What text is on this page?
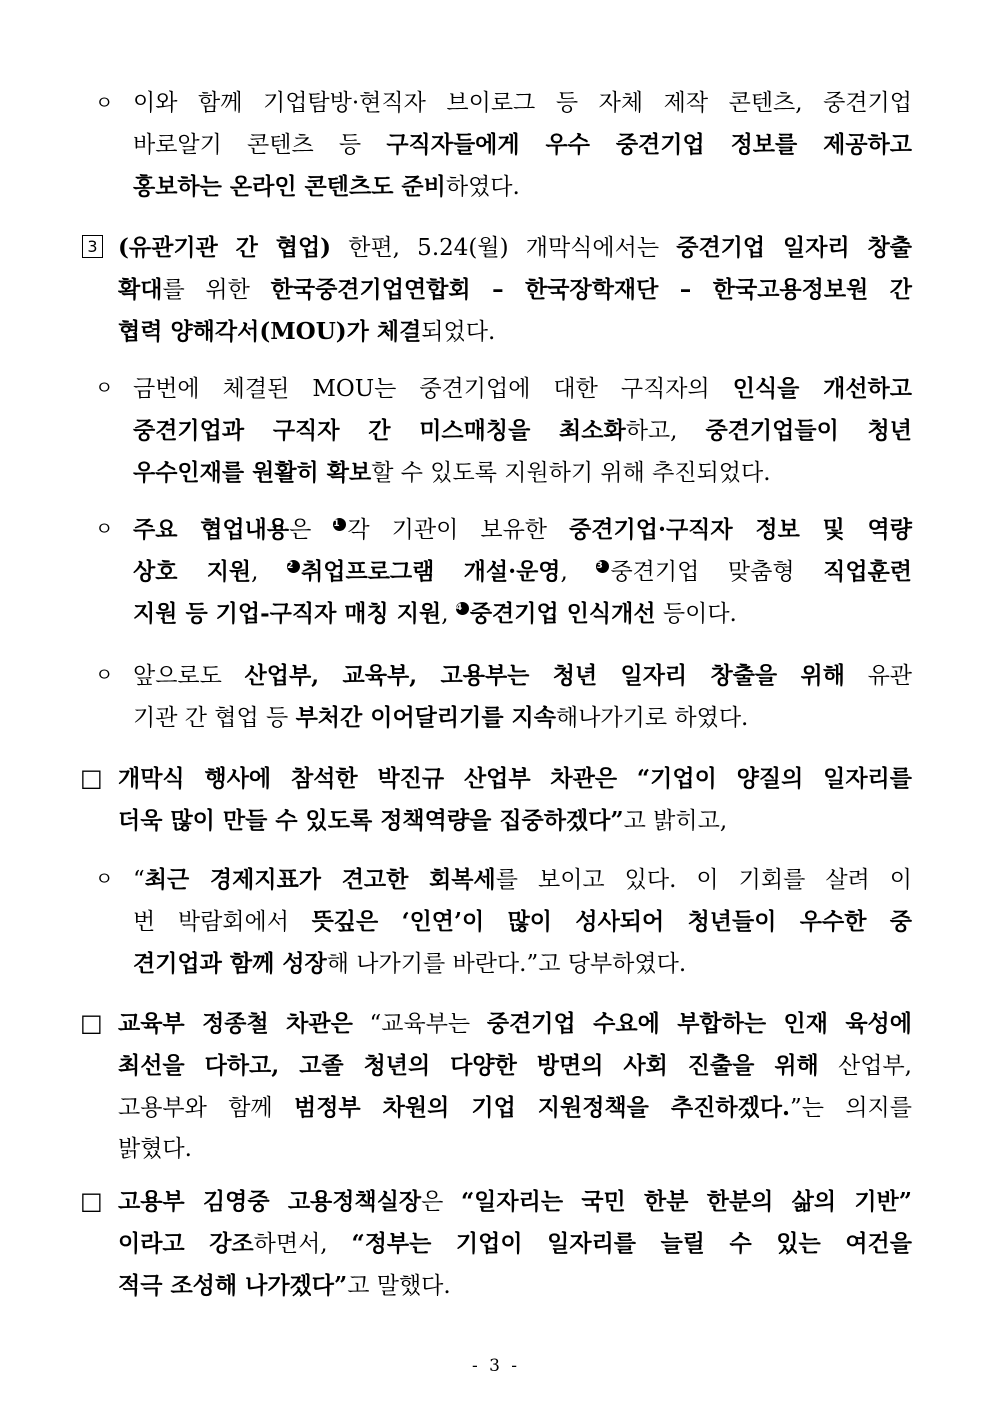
ㅇ 이와 함께 기업탐방·현직자 브이로그 등 자체 제작 콘텐츠, 중견기업
바로알기 콘텐츠 등 구직자들에게 우수 중견기업 정보를 제공하고
홍보하는 온라인 콘텐츠도 준비하였다.
3 (유관기관 간 협업) 한편, 5.24(월) 개막식에서는 중견기업 일자리 창출
확대를 위한 한국중견기업연합회 – 한국장학재단 – 한국고용정보원 간
협력 양해각서(MOU)가 체결되었다.
ㅇ 금번에 체결된 MOU는 중견기업에 대한 구직자의 인식을 개선하고
중견기업과 구직자 간 미스매칭을 최소화하고, 중견기업들이 청년
우수인재를 원활히 확보할 수 있도록 지원하기 위해 추진되었다.
ㅇ 주요 협업내용은 $^1$ 각 기관이 보유한 중견기업·구직자 정보 및 역량
상호 지원, $^2$ 취업프로그램 개설·운영, $^3$ 중견기업 맞춤형 직업훈련
지원 등 기업-구직자 매칭 지원, $^4$ 중견기업 인식개선 등이다.
ㅇ 앞으로도 산업부, 교육부, 고용부는 청년 일자리 창출을 위해 유관
기관 간 협업 등 부처간 이어달리기를 지속해나가기로 하였다.
□ 개막식 행사에 참석한 박진규 산업부 차관은 “기업이 양질의 일자리를
더욱 많이 만들 수 있도록 정책역량을 집중하겠다”고 밝히고,
ㅇ “최근 경제지표가 견고한 회복세를 보이고 있다. 이 기회를 살려 이
번 박람회에서 뜻깊은 ‘인연’이 많이 성사되어 청년들이 우수한 중
견기업과 함께 성장해 나가기를 바란다.”고 당부하였다.
□ 교육부 정종철 차관은 “교육부는 중견기업 수요에 부합하는 인재 육성에
최선을 다하고, 고졸 청년의 다양한 방면의 사회 진출을 위해 산업부,
고용부와 함께 범정부 차원의 기업 지원정책을 추진하겠다.”는 의지를
밝혔다.
□ 고용부 김영중 고용정책실장은 “일자리는 국민 한분 한분의 삶의 기반”
이라고 강조하면서, “정부는 기업이 일자리를 늘릴 수 있는 여건을
적극 조성해 나가겠다”고 말했다.
- 3 -
